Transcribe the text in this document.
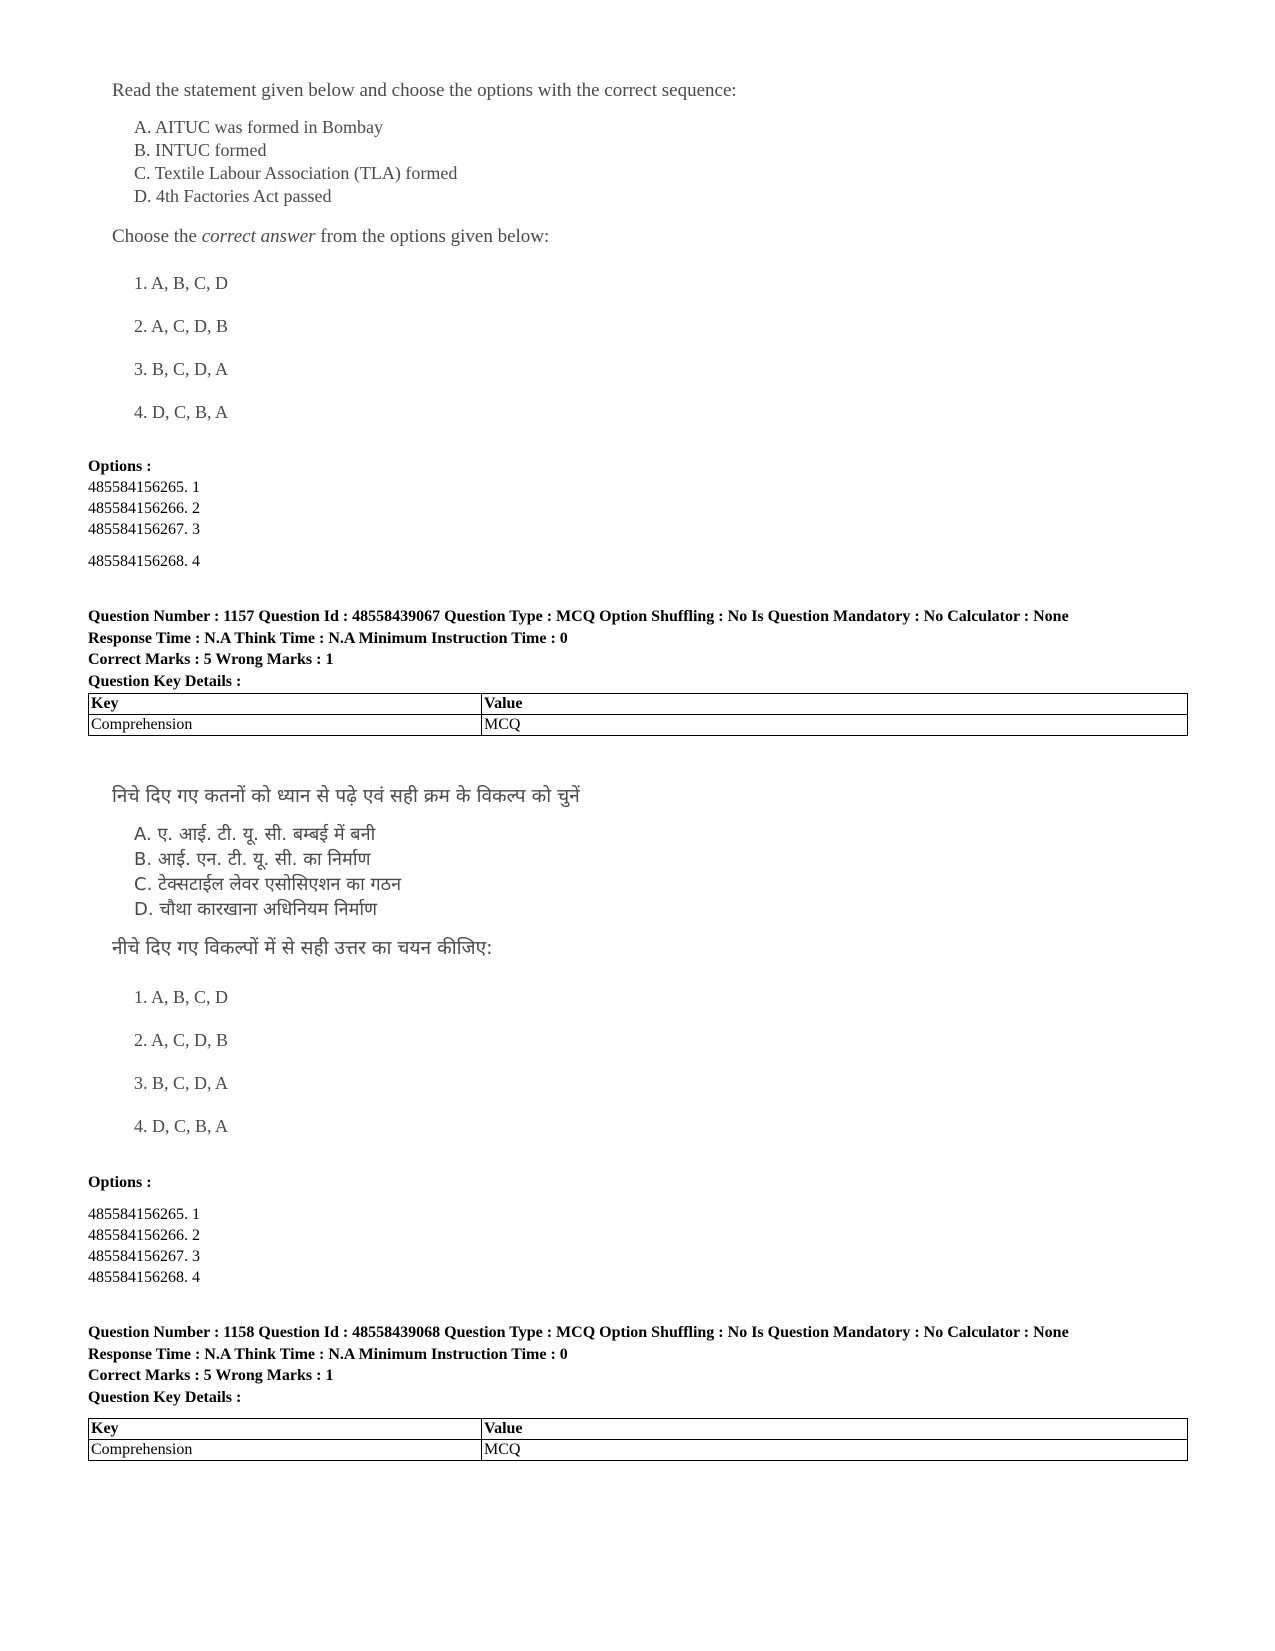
Read the statement given below and choose the options with the correct sequence:

A. AITUC was formed in Bombay
B. INTUC formed
C. Textile Labour Association (TLA) formed
D. 4th Factories Act passed

Choose the correct answer from the options given below:

1. A, B, C, D
2. A, C, D, B
3. B, C, D, A
4. D, C, B, A
Options :
485584156265. 1
485584156266. 2
485584156267. 3
485584156268. 4
Question Number : 1157 Question Id : 48558439067 Question Type : MCQ Option Shuffling : No Is Question Mandatory : No Calculator : None
Response Time : N.A Think Time : N.A Minimum Instruction Time : 0
Correct Marks : 5 Wrong Marks : 1
Question Key Details :
Key	Value
Comprehension	MCQ

निचे दिए गए कतनों को ध्यान से पढ़े एवं सही क्रम के विकल्प को चुनें

A. ए. आई. टी. यू. सी. बम्बई में बनी
B. आई. एन. टी. यू. सी. का निर्माण
C. टेक्सटाईल लेवर एसोसिएशन का गठन
D. चौथा कारखाना अधिनियम निर्माण

नीचे दिए गए विकल्पों में से सही उत्तर का चयन कीजिए:

1. A, B, C, D
2. A, C, D, B
3. B, C, D, A
4. D, C, B, A
Options :
485584156265. 1
485584156266. 2
485584156267. 3
485584156268. 4
Question Number : 1158 Question Id : 48558439068 Question Type : MCQ Option Shuffling : No Is Question Mandatory : No Calculator : None
Response Time : N.A Think Time : N.A Minimum Instruction Time : 0
Correct Marks : 5 Wrong Marks : 1
Question Key Details :
Key	Value
Comprehension	MCQ
